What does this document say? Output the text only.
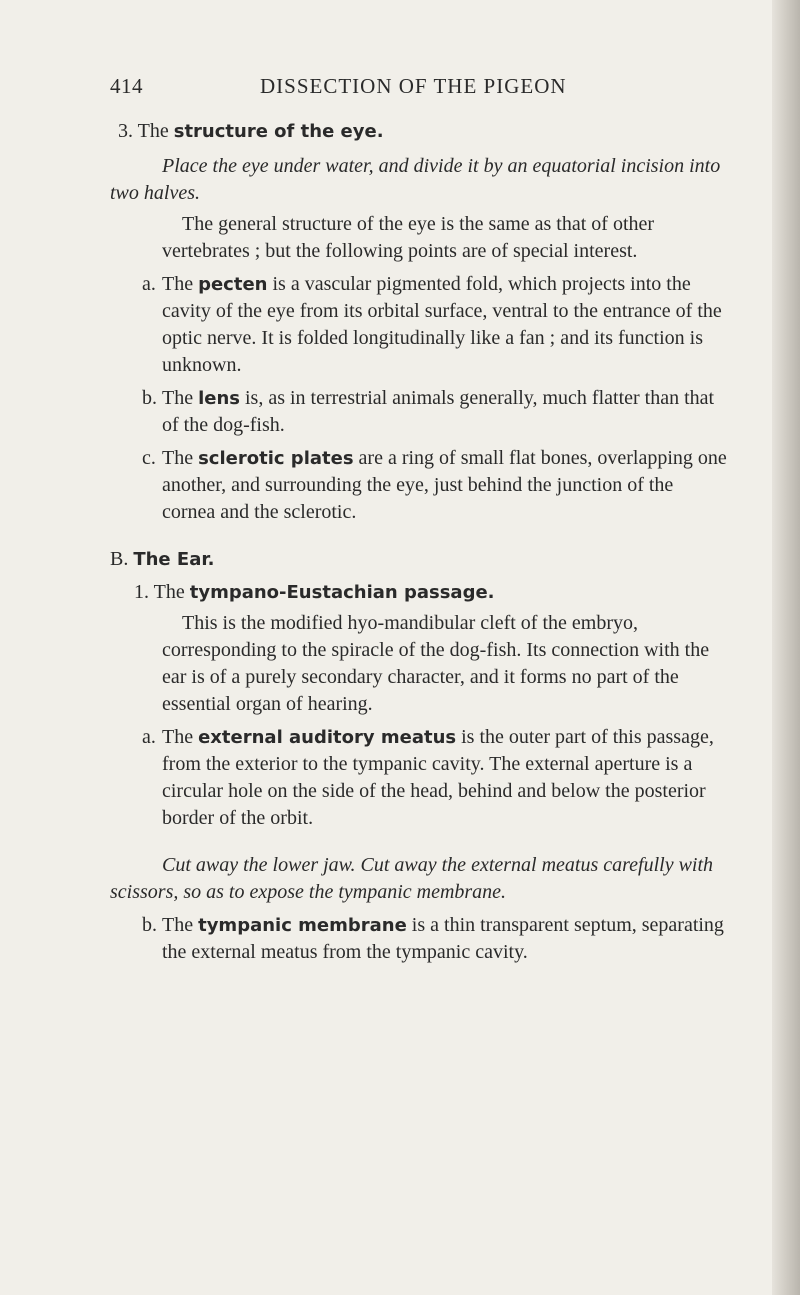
414	DISSECTION OF THE PIGEON

3. The structure of the eye.

Place the eye under water, and divide it by an equatorial incision into two halves.

The general structure of the eye is the same as that of other vertebrates ; but the following points are of special interest.

a. The pecten is a vascular pigmented fold, which projects into the cavity of the eye from its orbital surface, ventral to the entrance of the optic nerve. It is folded longitudinally like a fan ; and its function is unknown.

b. The lens is, as in terrestrial animals generally, much flatter than that of the dog-fish.

c. The sclerotic plates are a ring of small flat bones, overlapping one another, and surrounding the eye, just behind the junction of the cornea and the sclerotic.

B. The Ear.

1. The tympano-Eustachian passage.

This is the modified hyo-mandibular cleft of the embryo, corresponding to the spiracle of the dog-fish. Its connection with the ear is of a purely secondary character, and it forms no part of the essential organ of hearing.

a. The external auditory meatus is the outer part of this passage, from the exterior to the tympanic cavity. The external aperture is a circular hole on the side of the head, behind and below the posterior border of the orbit.

Cut away the lower jaw. Cut away the external meatus carefully with scissors, so as to expose the tympanic membrane.

b. The tympanic membrane is a thin transparent septum, separating the external meatus from the tympanic cavity.
